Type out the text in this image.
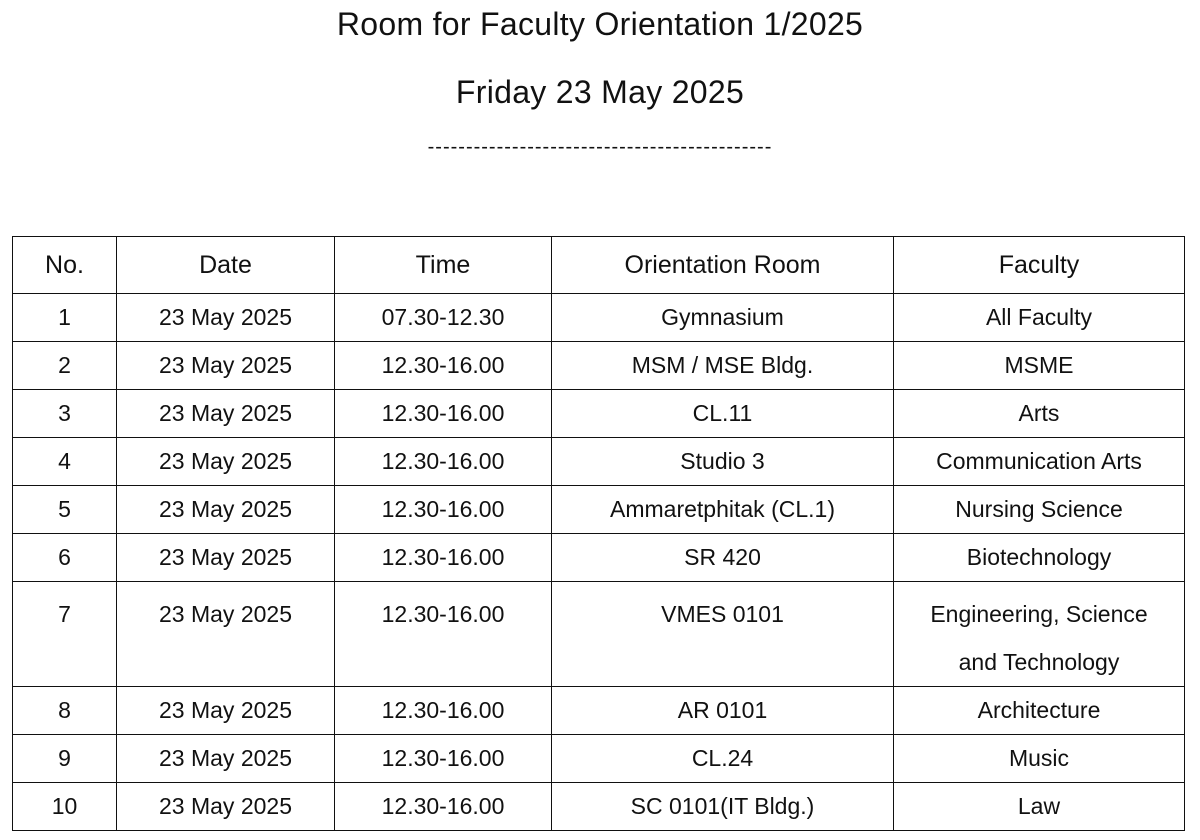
Room for Faculty Orientation 1/2025
Friday 23 May 2025
---------------------------------------------
No.	Date	Time	Orientation Room	Faculty
1	23 May 2025	07.30-12.30	Gymnasium	All Faculty
2	23 May 2025	12.30-16.00	MSM / MSE Bldg.	MSME
3	23 May 2025	12.30-16.00	CL.11	Arts
4	23 May 2025	12.30-16.00	Studio 3	Communication Arts
5	23 May 2025	12.30-16.00	Ammaretphitak (CL.1)	Nursing Science
6	23 May 2025	12.30-16.00	SR 420	Biotechnology
7	23 May 2025	12.30-16.00	VMES 0101	Engineering, Science
and Technology

8	23 May 2025	12.30-16.00	AR 0101	Architecture
9	23 May 2025	12.30-16.00	CL.24	Music
10	23 May 2025	12.30-16.00	SC 0101(IT Bldg.)	Law
